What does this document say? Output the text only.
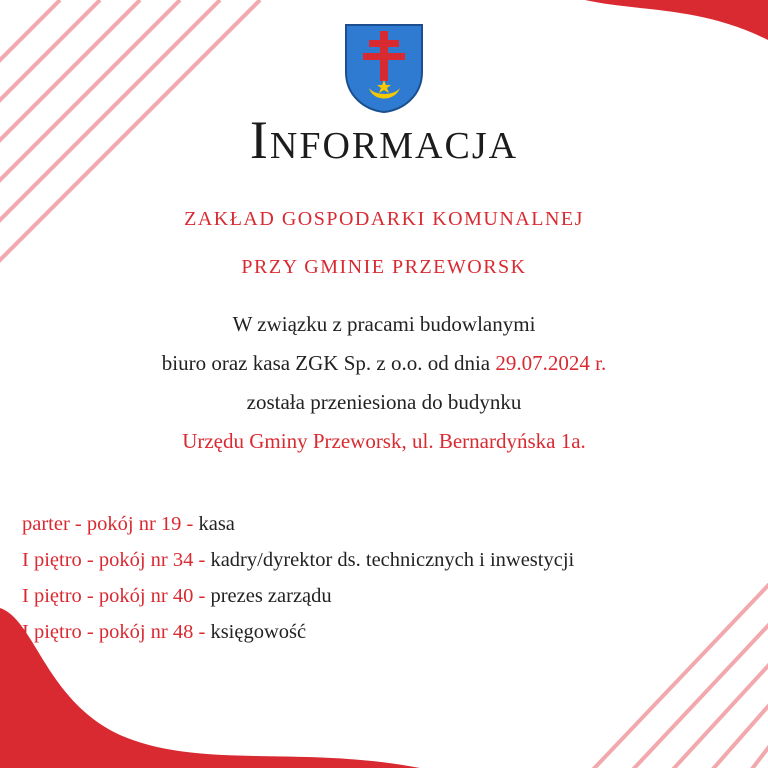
Informacja
ZAKŁAD GOSPODARKI KOMUNALNEJ
PRZY GMINIE PRZEWORSK
W związku z pracami budowlanymi
biuro oraz kasa ZGK Sp. z o.o. od dnia 29.07.2024 r.
została przeniesiona do budynku
Urzędu Gminy Przeworsk, ul. Bernardyńska 1a.
parter - pokój nr 19 - kasa
I piętro - pokój nr 34 - kadry/dyrektor ds. technicznych i inwestycji
I piętro - pokój nr 40 - prezes zarządu
I piętro - pokój nr 48 - księgowość
